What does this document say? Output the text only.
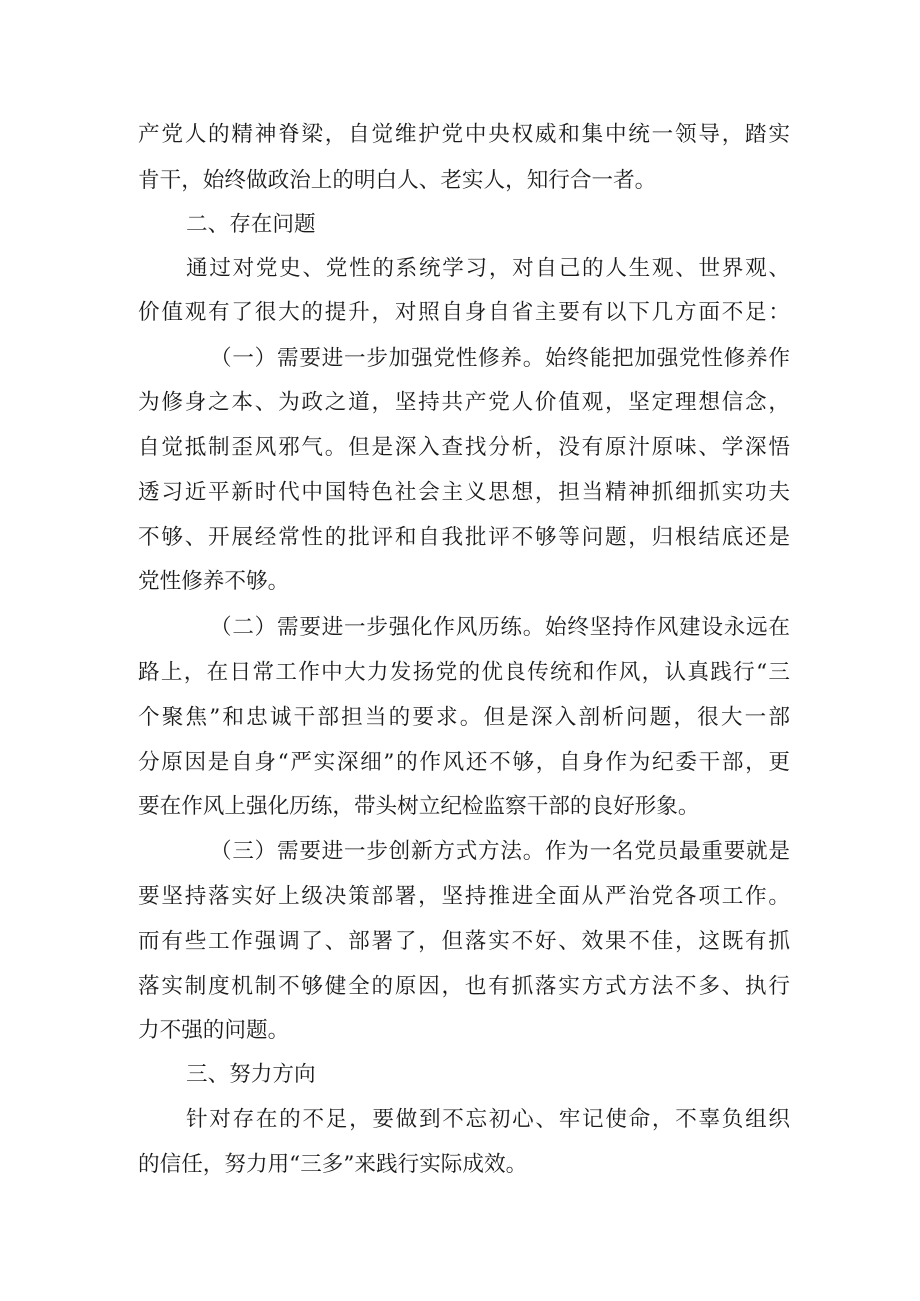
产党人的精神脊梁，自觉维护党中央权威和集中统一领导，踏实
肯干，始终做政治上的明白人、老实人，知行合一者。
二、存在问题
通过对党史、党性的系统学习，对自己的人生观、世界观、
价值观有了很大的提升，对照自身自省主要有以下几方面不足：
（一）需要进一步加强党性修养。始终能把加强党性修养作
为修身之本、为政之道，坚持共产党人价值观，坚定理想信念，
自觉抵制歪风邪气。但是深入查找分析，没有原汁原味、学深悟
透习近平新时代中国特色社会主义思想，担当精神抓细抓实功夫
不够、开展经常性的批评和自我批评不够等问题，归根结底还是
党性修养不够。
（二）需要进一步强化作风历练。始终坚持作风建设永远在
路上，在日常工作中大力发扬党的优良传统和作风，认真践行“三
个聚焦”和忠诚干部担当的要求。但是深入剖析问题，很大一部
分原因是自身“严实深细”的作风还不够，自身作为纪委干部，更
要在作风上强化历练，带头树立纪检监察干部的良好形象。
（三）需要进一步创新方式方法。作为一名党员最重要就是
要坚持落实好上级决策部署，坚持推进全面从严治党各项工作。
而有些工作强调了、部署了，但落实不好、效果不佳，这既有抓
落实制度机制不够健全的原因，也有抓落实方式方法不多、执行
力不强的问题。
三、努力方向
针对存在的不足，要做到不忘初心、牢记使命，不辜负组织
的信任，努力用“三多”来践行实际成效。
